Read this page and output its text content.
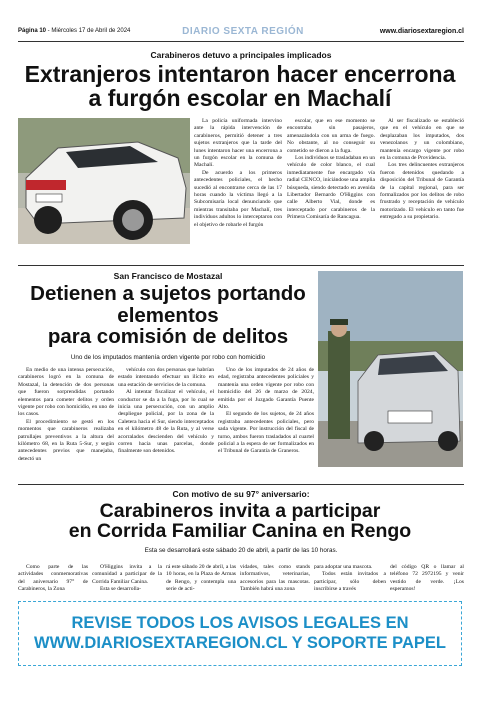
Página 10 - Miércoles 17 de Abril de 2024	DIARIO SEXTA REGIÓN	www.diariosextaregion.cl
Carabineros detuvo a principales implicados
Extranjeros intentaron hacer encerrona
a furgón escolar en Machalí

La policía uniformada intervino ante la rápida intervención de carabineros, permitió detener a tres sujetos extranjeros que la tarde del lunes intentaron hacer una encerrona a un furgón escolar en la comuna de Machalí.

De acuerdo a los primeros antecedentes policiales, el hecho sucedió al encontrarse cerca de las 17 horas cuando la víctima llegó a la Subcomisaría local denunciando que mientras transitaba por Machalí, tres individuos adultos lo interceptaron con el objetivo de robarle el furgón

escolar, que en ese momento se encontraba sin pasajeros, amenazándola con un arma de fuego. No obstante, al no conseguir su cometido se dieron a la fuga.

Los individuos se trasladaban en un vehículo de color blanco, el cual inmediatamente fue encargado vía radial CENCO, iniciándose una amplia búsqueda, siendo detectado en avenida Libertador Bernardo O'Higgins con calle Alberto Vial, donde es interceptado por carabineros de la Primera Comisaría de Rancagua.

Al ser fiscalizado se estableció que en el vehículo en que se desplazaban los imputados, dos venezolanos y un colombiano, mantenía encargo vigente por robo en la comuna de Providencia.

Los tres delincuentes extranjeros fueron detenidos quedando a disposición del Tribunal de Garantía de la capital regional, para ser formalizados por los delitos de robo frustrado y receptación de vehículo motorizado. El vehículo en tanto fue entregado a su propietario.

San Francisco de Mostazal
Detienen a sujetos portando
elementos
para comisión de delitos
Uno de los imputados mantenía orden vigente por robo con homicidio

En medio de una intensa persecución, carabineros logró en la comuna de Mostazal, la detención de dos personas que fueron sorprendidas portando elementos para cometer delitos y orden vigente por robo con homicidio, en uno de los casos.

El procedimiento se gestó en los momentos que carabineros realizaba patrullajes preventivos a la altura del kilómetro 68, en la Ruta 5-Sur, y según antecedentes previos que manejaba, detectó un

vehículo con dos personas que habrían estado intentando efectuar un ilícito en una estación de servicios de la comuna.

Al intentar fiscalizar el vehículo, el conductor se da a la fuga, por lo cual se inicia una persecución, con un amplio despliegue policial, por la zona de la Caletera hacia el Sur, siendo interceptados en el kilómetro 48 de la Ruta, y al verse acorralados descienden del vehículo y corren hacia unas parcelas, donde finalmente son detenidos.

Uno de los imputados de 24 años de edad, registraba antecedentes policiales y mantenía una orden vigente por robo con homicidio del 26 de marzo de 2024, emitida por el Juzgado Garantía Puente Alto.

El segundo de los sujetos, de 24 años registraba antecedentes policiales, pero sada vigente. Por instrucción del fiscal de turno, ambos fueron trasladados al cuartel policial a la espera de ser formalizados en el Tribunal de Garantía de Graneros.

Con motivo de su 97° aniversario:
Carabineros invita a participar
en Corrida Familiar Canina en Rengo
Esta se desarrollará este sábado 20 de abril, a partir de las 10 horas.

Como parte de las actividades conmemorativas del aniversario 97° de Carabineros, la Zona

O'Higgins invita a la comunidad a participar de la Corrida Familiar Canina.

Esta se desarrolla-

rá este sábado 20 de abril, a las 10 horas, en la Plaza de Armas de Rengo, y contempla una serie de acti-

vidades, tales como stands informativos, veterinarias, accesorios para las mascotas. También habrá una zona

para adoptar una mascota.

Todos están invitados a participar, sólo deben inscribirse a través

del código QR o llamar al teléfono 72 2972195 y venir vestido de verde. ¡Los esperamos!

REVISE TODOS LOS AVISOS LEGALES EN
WWW.DIARIOSEXTAREGION.CL Y SOPORTE PAPEL
